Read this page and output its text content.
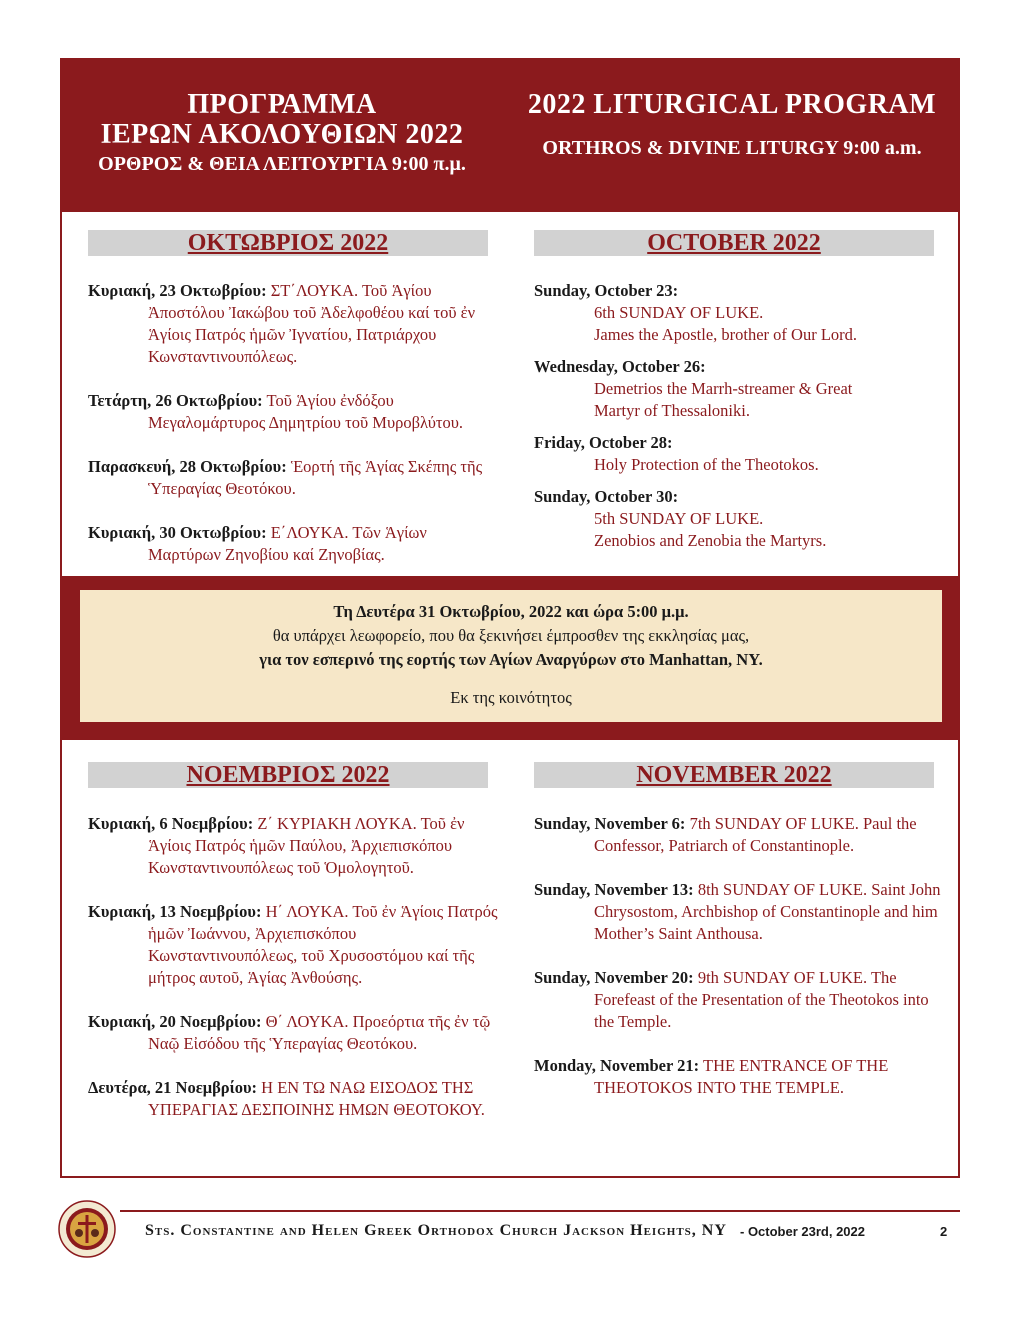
ΠΡΟΓΡΑΜΜΑ
ΙΕΡΩΝ ΑΚΟΛΟΥΘΙΩΝ 2022
ΟΡΘΡΟΣ & ΘΕΙΑ ΛΕΙΤΟΥΡΓΙΑ 9:00 π.μ.
2022 LITURGICAL PROGRAM
ORTHROS & DIVINE LITURGY 9:00 a.m.
ΟΚΤΩΒΡΙΟΣ 2022	OCTOBER 2022
Κυριακή, 23 Οκτωβρίου: ΣΤ΄ΛΟΥΚΑ. Τοῦ Ἁγίου Ἀποστόλου Ἰακώβου τοῦ Ἀδελφοθέου καί τοῦ ἐν Ἁγίοις Πατρός ἡμῶν Ἰγνατίου, Πατριάρχου Κωνσταντινουπόλεως.
Τετάρτη, 26 Οκτωβρίου: Τοῦ Ἁγίου ἐνδόξου Μεγαλομάρτυρος Δημητρίου τοῦ Μυροβλύτου.
Παρασκευή, 28 Οκτωβρίου: Ἑορτή τῆς Ἁγίας Σκέπης τῆς Ὑπεραγίας Θεοτόκου.
Κυριακή, 30 Οκτωβρίου: Ε΄ΛΟΥΚΑ. Τῶν Ἁγίων Μαρτύρων Ζηνοβίου καί Ζηνοβίας.
Sunday, October 23:
6th SUNDAY OF LUKE.
James the Apostle, brother of Our Lord.
Wednesday, October 26:
Demetrios the Marrh-streamer & Great
Martyr of Thessaloniki.
Friday, October 28:
Holy Protection of the Theotokos.
Sunday, October 30:
5th SUNDAY OF LUKE.
Zenobios and Zenobia the Martyrs.
Τη Δευτέρα 31 Οκτωβρίου, 2022 και ώρα 5:00 μ.μ.
θα υπάρχει λεωφορείο, που θα ξεκινήσει έμπροσθεν της εκκλησίας μας,
για τον εσπερινό της εορτής των Αγίων Αναργύρων στο Manhattan, NY.
Εκ της κοινότητος
ΝΟΕΜΒΡΙΟΣ 2022	NOVEMBER 2022
Κυριακή, 6 Νοεμβρίου: Ζ΄ ΚΥΡΙΑΚΗ ΛΟΥΚΑ. Τοῦ ἐν Ἁγίοις Πατρός ἡμῶν Παύλου, Ἀρχιεπισκόπου Κωνσταντινουπόλεως τοῦ Ὁμολογητοῦ.
Κυριακή, 13 Νοεμβρίου: Η΄ ΛΟΥΚΑ. Τοῦ ἐν Ἁγίοις Πατρός ἡμῶν Ἰωάννου, Ἀρχιεπισκόπου Κωνσταντινουπόλεως, τοῦ Χρυσοστόμου καί τῆς μήτρος αυτοῦ, Ἁγίας Ἀνθούσης.
Κυριακή, 20 Νοεμβρίου: Θ΄ ΛΟΥΚΑ. Προεόρτια τῆς ἐν τῷ Ναῷ Εἰσόδου τῆς Ὑπεραγίας Θεοτόκου.
Δευτέρα, 21 Νοεμβρίου: Η ΕΝ ΤΩ ΝΑΩ ΕΙΣΟΔΟΣ ΤΗΣ ΥΠΕΡΑΓΙΑΣ ΔΕΣΠΟΙΝΗΣ ΗΜΩΝ ΘΕΟΤΟΚΟΥ.
Sunday, November 6: 7th SUNDAY OF LUKE. Paul the Confessor, Patriarch of Constantinople.
Sunday, November 13: 8th SUNDAY OF LUKE. Saint John Chrysostom, Archbishop of Constantinople and him Mother’s Saint Anthousa.
Sunday, November 20: 9th SUNDAY OF LUKE. The Forefeast of the Presentation of the Theotokos into the Temple.
Monday, November 21: THE ENTRANCE OF THE THEOTOKOS INTO THE TEMPLE.
Sts. Constantine and Helen Greek Orthodox Church Jackson Heights, NY - October 23rd, 2022	2
